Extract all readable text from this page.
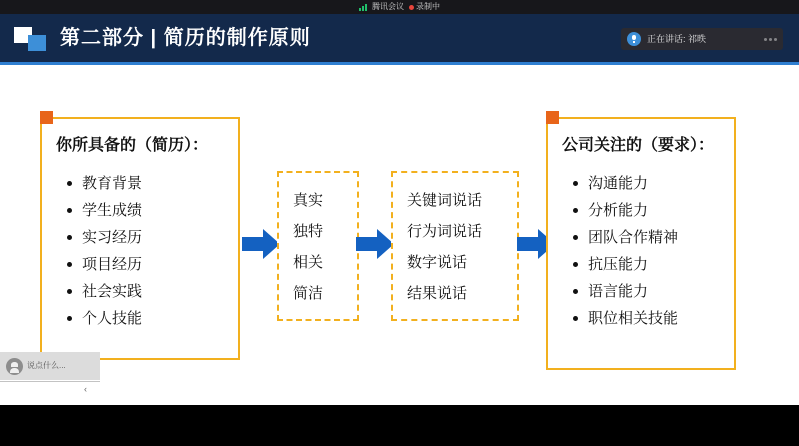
腾讯会议 录制中
第二部分 | 简历的制作原则	正在讲话: 祁昳
你所具备的（简历）：
教育背景
学生成绩
实习经历
项目经历
社会实践
个人技能
真实
独特
相关
简洁
关键词说话
行为词说话
数字说话
结果说话
公司关注的（要求）：
沟通能力
分析能力
团队合作精神
抗压能力
语言能力
职位相关技能
说点什么...
‹
